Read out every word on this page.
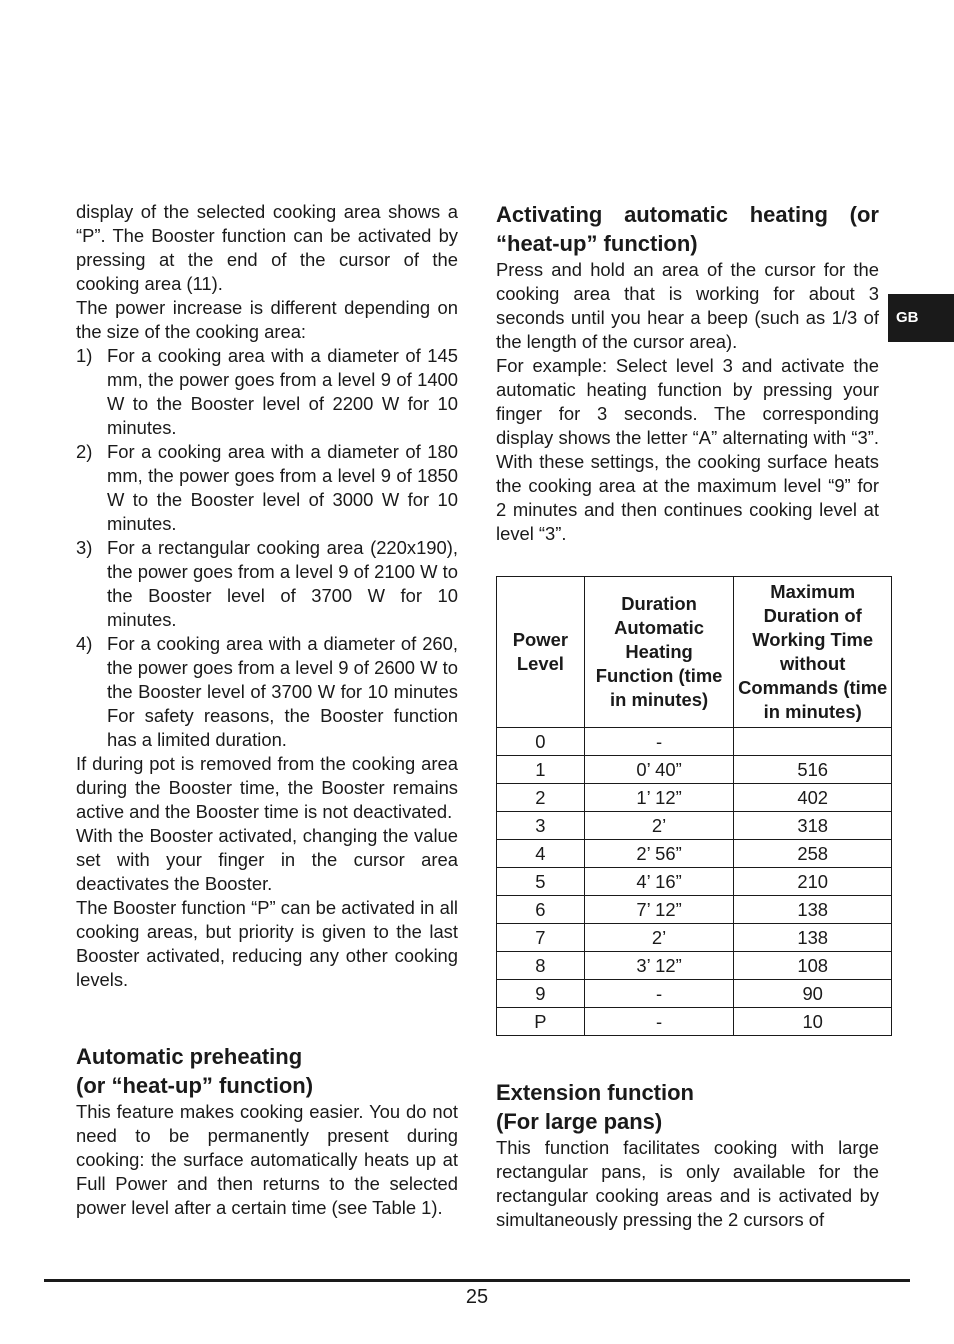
display of the selected cooking area shows a “P”. The Booster function can be activated by pressing at the end of the cursor of the cooking area (11).

The power increase is different depending on the size of the cooking area:

1) For a cooking area with a diameter of 145 mm, the power goes from a level 9 of 1400 W to the Booster level of 2200 W for 10 minutes.
2) For a cooking area with a diameter of 180 mm, the power goes from a level 9 of 1850 W to the Booster level of 3000 W for 10 minutes.
3) For a rectangular cooking area (220x190), the power goes from a level 9 of 2100 W to the Booster level of 3700 W for 10 minutes.
4) For a cooking area with a diameter of 260, the power goes from a level 9 of 2600 W to the Booster level of 3700 W for 10 minutes For safety reasons, the Booster function has a limited duration.

If during pot is removed from the cooking area during the Booster time, the Booster remains active and the Booster time is not deactivated.

With the Booster activated, changing the value set with your finger in the cursor area deactivates the Booster.

The Booster function “P” can be activated in all cooking areas, but priority is given to the last Booster activated, reducing any other cooking levels.

Automatic preheating
(or “heat-up” function)

This feature makes cooking easier. You do not need to be permanently present during cooking: the surface automatically heats up at Full Power and then returns to the selected power level after a certain time (see Table 1).

Activating automatic heating (or “heat-up” function)

Press and hold an area of the cursor for the cooking area that is working for about 3 seconds until you hear a beep (such as 1/3 of the length of the cursor area).

For example: Select level 3 and activate the automatic heating function by pressing your finger for 3 seconds. The corresponding display shows the letter “A” alternating with “3”. With these settings, the cooking surface heats the cooking area at the maximum level “9” for 2 minutes and then continues cooking level at level “3”.

Power Level	Duration Automatic Heating Function (time in minutes)	Maximum Duration of Working Time without Commands (time in minutes)
0	-	
1	0’ 40”	516
2	1’ 12”	402
3	2’	318
4	2’ 56”	258
5	4’ 16”	210
6	7’ 12”	138
7	2’	138
8	3’ 12”	108
9	-	90
P	-	10
Extension function
(For large pans)

This function facilitates cooking with large rectangular pans, is only available for the rectangular cooking areas and is activated by simultaneously pressing the 2 cursors of

GB
25
